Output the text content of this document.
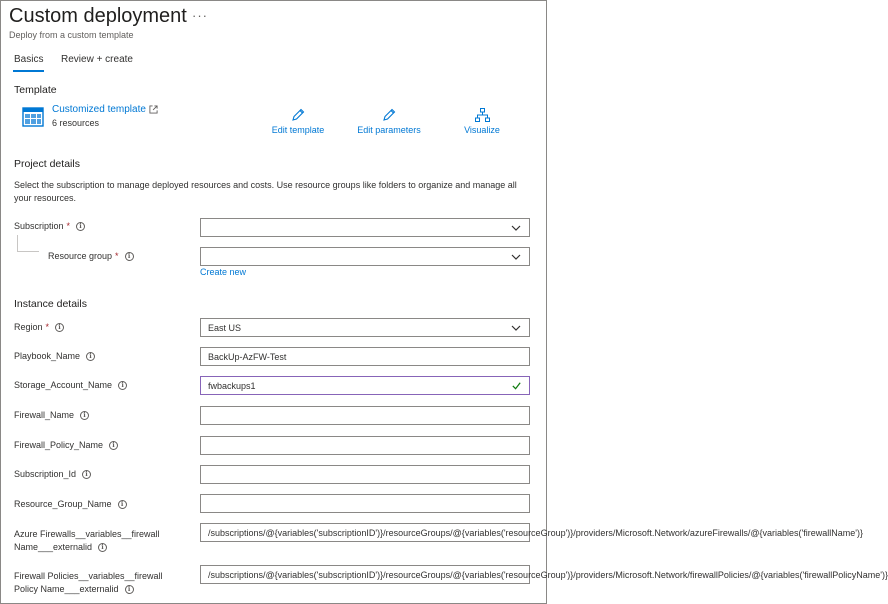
Custom deployment ···
Deploy from a custom template
Basics Review + create
Template
Customized template
6 resources
Edit template	Edit parameters	Visualize
Project details
Select the subscription to manage deployed resources and costs. Use resource groups like folders to organize and manage all your resources.
Subscription *	i
Resource group *	i
Create new
Instance details
Region *	i	East US
Playbook_Name	i	BackUp-AzFW-Test
Storage_Account_Name	i	fwbackups1
Firewall_Name	i
Firewall_Policy_Name	i
Subscription_Id	i
Resource_Group_Name	i
Azure Firewalls__variables__firewall
Name___externalid	i
/subscriptions/@{variables('subscriptionID')}/resourceGroups/@{variables('resourceGroup')}/providers/Microsoft.Network/azureFirewalls/@{variables('firewallName')}
Firewall Policies__variables__firewall
Policy Name___externalid	i
/subscriptions/@{variables('subscriptionID')}/resourceGroups/@{variables('resourceGroup')}/providers/Microsoft.Network/firewallPolicies/@{variables('firewallPolicyName')}
